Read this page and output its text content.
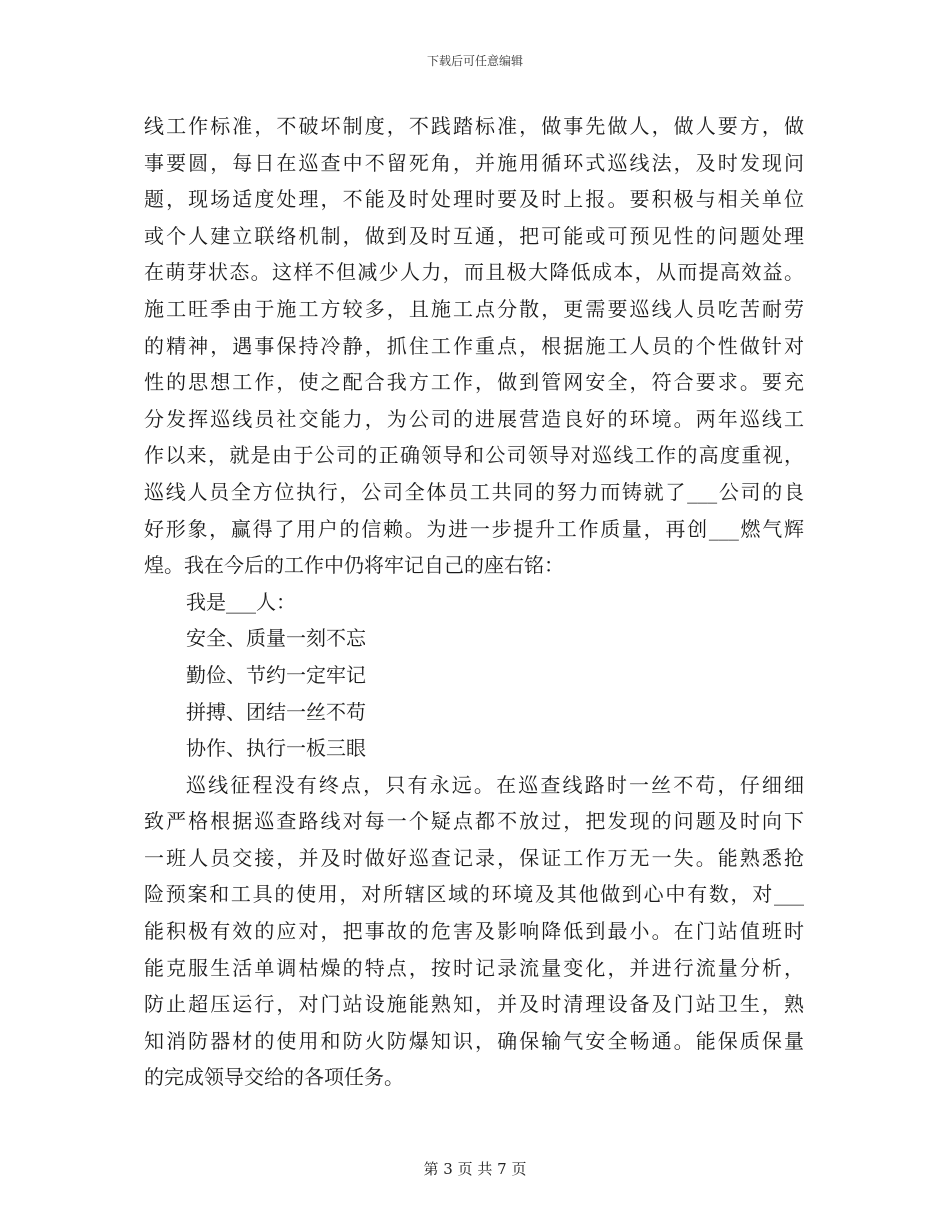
下载后可任意编辑

线工作标准，不破坏制度，不践踏标准，做事先做人，做人要方，做

事要圆，每日在巡查中不留死角，并施用循环式巡线法，及时发现问

题，现场适度处理，不能及时处理时要及时上报。要积极与相关单位

或个人建立联络机制，做到及时互通，把可能或可预见性的问题处理

在萌芽状态。这样不但减少人力，而且极大降低成本，从而提高效益。

施工旺季由于施工方较多，且施工点分散，更需要巡线人员吃苦耐劳

的精神，遇事保持冷静，抓住工作重点，根据施工人员的个性做针对

性的思想工作，使之配合我方工作，做到管网安全，符合要求。要充

分发挥巡线员社交能力，为公司的进展营造良好的环境。两年巡线工

作以来，就是由于公司的正确领导和公司领导对巡线工作的高度重视，

巡线人员全方位执行，公司全体员工共同的努力而铸就了___公司的良

好形象，赢得了用户的信赖。为进一步提升工作质量，再创___燃气辉

煌。我在今后的工作中仍将牢记自己的座右铭：

我是___人：

安全、质量一刻不忘

勤俭、节约一定牢记

拼搏、团结一丝不苟

协作、执行一板三眼

巡线征程没有终点，只有永远。在巡查线路时一丝不苟，仔细细

致严格根据巡查路线对每一个疑点都不放过，把发现的问题及时向下

一班人员交接，并及时做好巡查记录，保证工作万无一失。能熟悉抢

险预案和工具的使用，对所辖区域的环境及其他做到心中有数，对___

能积极有效的应对，把事故的危害及影响降低到最小。在门站值班时

能克服生活单调枯燥的特点，按时记录流量变化，并进行流量分析，

防止超压运行，对门站设施能熟知，并及时清理设备及门站卫生，熟

知消防器材的使用和防火防爆知识，确保输气安全畅通。能保质保量

的完成领导交给的各项任务。

第 3 页 共 7 页
